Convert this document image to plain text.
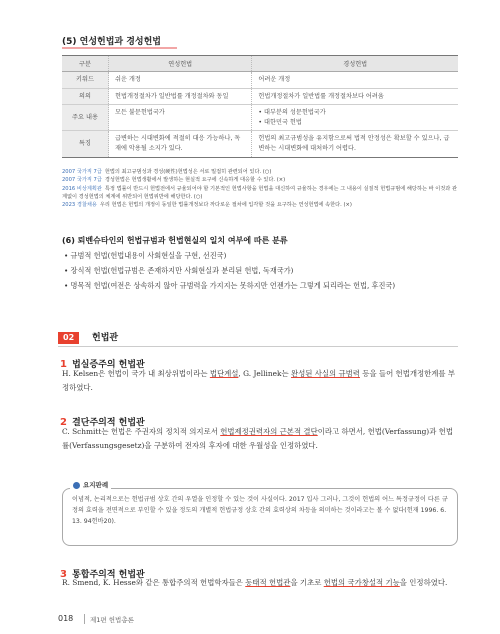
(5) 연성헌법과 경성헌법
구분	연성헌법	경성헌법
키워드	쉬운 개정	어려운 개정
의의	헌법개정절차가 일반법률 개정절차와 동일	헌법개정절차가 일반법률 개정절차보다 어려움
주요 내용	모든 불문헌법국가	• 대부분의 성문헌법국가
• 대한민국 헌법

특징	급변하는 시대변화에 적절히 대응 가능하나, 독재에 악용될 소지가 있다.	헌법의 최고규범성을 유지함으로써 법적 안정성은 확보할 수 있으나, 급변하는 시대변화에 대처하기 어렵다.

2007 국가직 7급 헌법의 최고규범성과 경성(硬性)헌법성은 서로 밀접히 관련되어 있다. (○)

2007 국가직 7급 경성헌법은 헌법생활에서 발생하는 현실적 요구에 신속하게 대응할 수 있다. (×)

2016 비상계획관 특정 법률이 반드시 헌법전에서 규율되어야 할 기본적인 헌법사항을 헌법을 대신하여 규율하는 경우에는 그 내용이 실질적 헌법규범에 해당하는 바 이것과 관계없이 경성헌법의 체계에 위반되어 헌법위반에 해당한다. (○)

2023 경찰채용 우리 헌법은 헌법의 개정이 동일한 법률개정보다 까다로운 절차에 입각할 것을 요구하는 연성헌법에 속한다. (×)

(6) 뢰벤슈타인의 헌법규범과 헌법현실의 일치 여부에 따른 분류
• 규범적 헌법(헌법내용이 사회현실을 구현, 선진국)
• 장식적 헌법(헌법규범은 존재하지만 사회현실과 분리된 헌법, 독재국가)
• 명목적 헌법(여전은 상속하지 않아 규범력을 가지지는 못하지만 언젠가는 그렇게 되리라는 헌법, 후진국)
02	헌법관
1 법실증주의 헌법관
H. Kelsen은 헌법이 국가 내 최상위법이라는 법단계설, G. Jellinek는 완성된 사실의 규범력 등을 들어 헌법개정한계를 부정하였다.
2 결단주의적 헌법관
C. Schmitt는 헌법은 주권자의 정치적 의지로서 헌법제정권력자의 근본적 결단이라고 하면서, 헌법(Verfassung)과 헌법률(Verfassungsgesetz)을 구분하여 전자의 후자에 대한 우월성을 인정하였다.
요지판례
이념적, 논리적으로는 헌법규범 상호 간의 우열을 인정할 수 있는 것이 사실이다. 2017 입사 그러나, 그것이 헌법의 어느 특정규정이 다른 규정의 효력을 전면적으로 부인할 수 있을 정도의 개별적 헌법규정 상호 간의 효력상의 차등을 의미하는 것이라고는 볼 수 없다(헌재 1996. 6. 13. 94헌바20).
3 통합주의적 헌법관
R. Smend, K. Hesse와 같은 통합주의적 헌법학자들은 동태적 헌법관을 기초로 헌법의 국가창설적 기능을 인정하였다.
018	제1편 헌법총론
